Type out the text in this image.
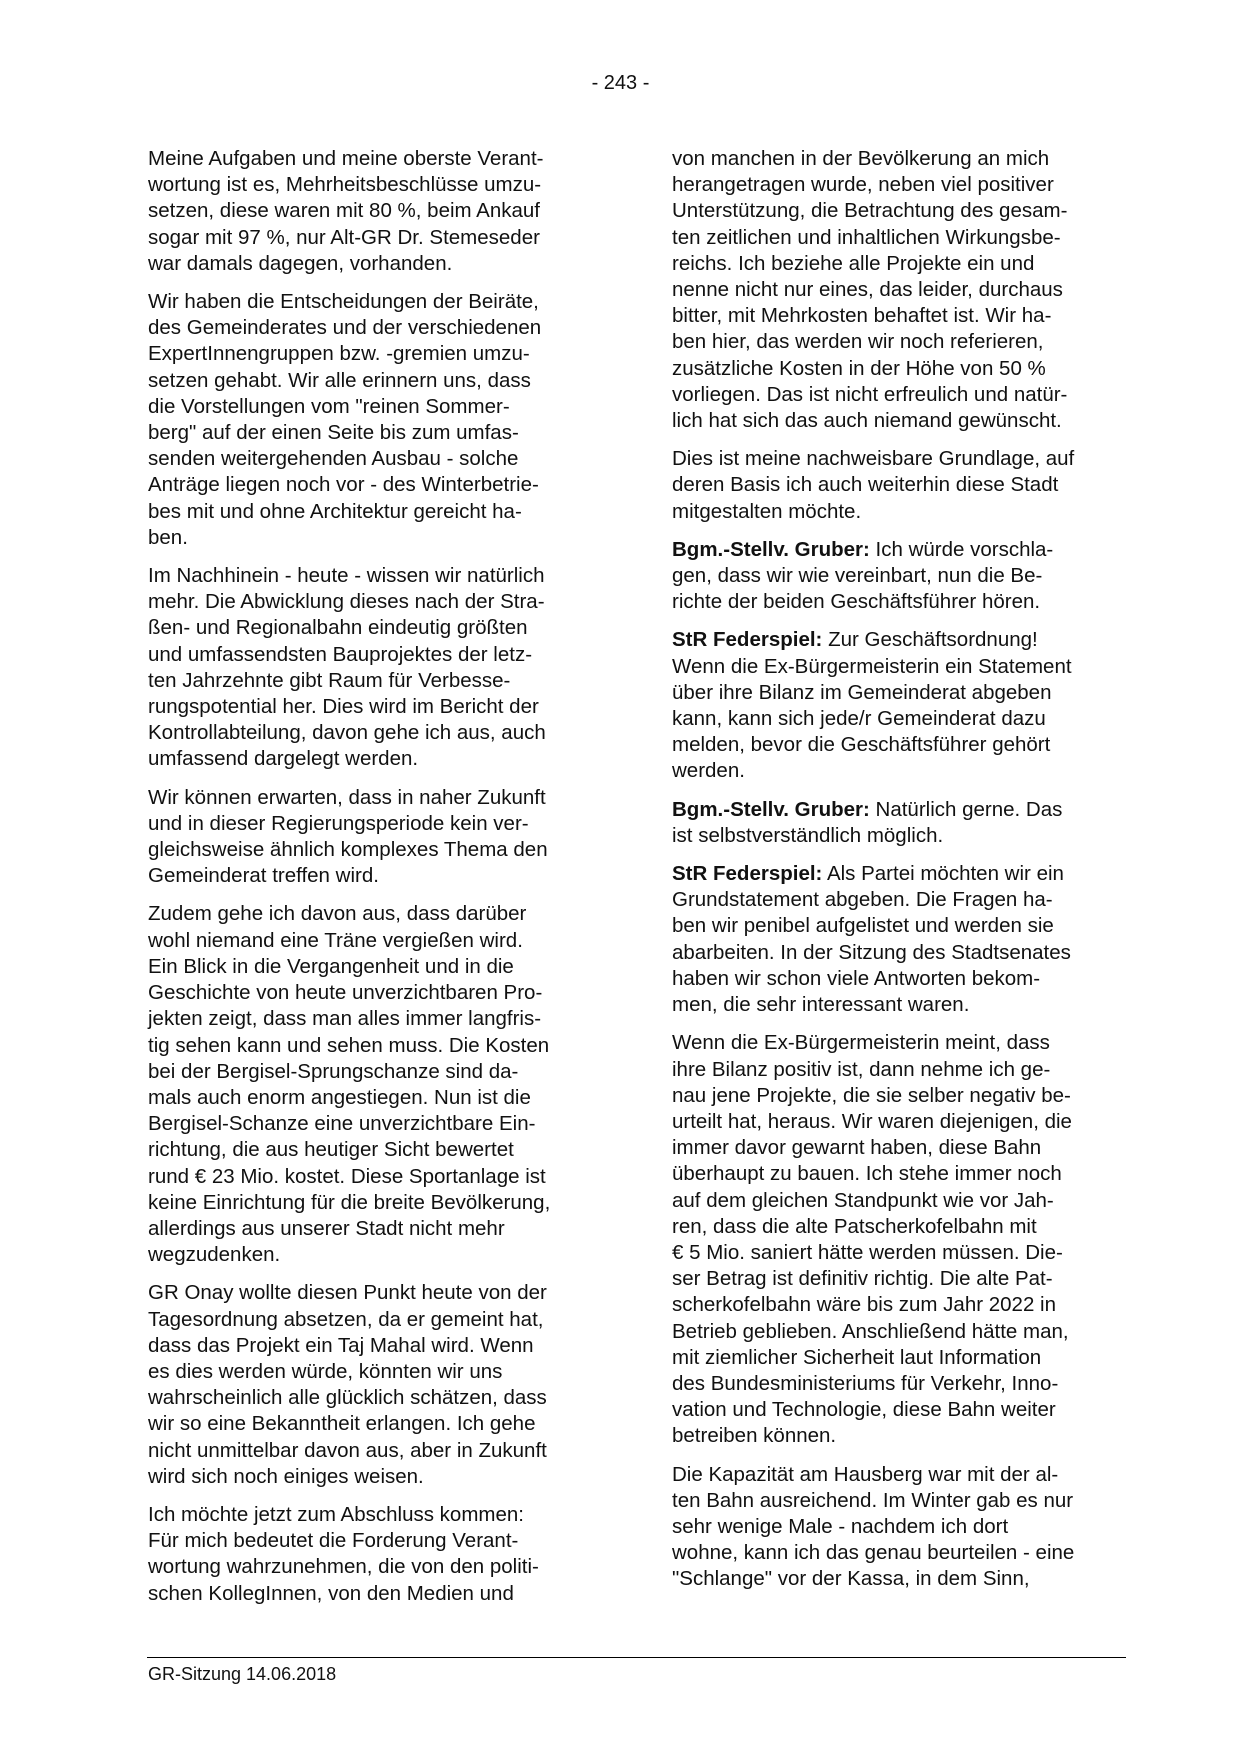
- 243 -
Meine Aufgaben und meine oberste Verant-
wortung ist es, Mehrheitsbeschlüsse umzu-
setzen, diese waren mit 80 %, beim Ankauf
sogar mit 97 %, nur Alt-GR Dr. Stemeseder
war damals dagegen, vorhanden.
Wir haben die Entscheidungen der Beiräte,
des Gemeinderates und der verschiedenen
ExpertInnengruppen bzw. -gremien umzu-
setzen gehabt. Wir alle erinnern uns, dass
die Vorstellungen vom "reinen Sommer-
berg" auf der einen Seite bis zum umfas-
senden weitergehenden Ausbau - solche
Anträge liegen noch vor - des Winterbetrie-
bes mit und ohne Architektur gereicht ha-
ben.
Im Nachhinein - heute - wissen wir natürlich
mehr. Die Abwicklung dieses nach der Stra-
ßen- und Regionalbahn eindeutig größten
und umfassendsten Bauprojektes der letz-
ten Jahrzehnte gibt Raum für Verbesse-
rungspotential her. Dies wird im Bericht der
Kontrollabteilung, davon gehe ich aus, auch
umfassend dargelegt werden.
Wir können erwarten, dass in naher Zukunft
und in dieser Regierungsperiode kein ver-
gleichsweise ähnlich komplexes Thema den
Gemeinderat treffen wird.
Zudem gehe ich davon aus, dass darüber
wohl niemand eine Träne vergießen wird.
Ein Blick in die Vergangenheit und in die
Geschichte von heute unverzichtbaren Pro-
jekten zeigt, dass man alles immer langfris-
tig sehen kann und sehen muss. Die Kosten
bei der Bergisel-Sprungschanze sind da-
mals auch enorm angestiegen. Nun ist die
Bergisel-Schanze eine unverzichtbare Ein-
richtung, die aus heutiger Sicht bewertet
rund € 23 Mio. kostet. Diese Sportanlage ist
keine Einrichtung für die breite Bevölkerung,
allerdings aus unserer Stadt nicht mehr
wegzudenken.
GR Onay wollte diesen Punkt heute von der
Tagesordnung absetzen, da er gemeint hat,
dass das Projekt ein Taj Mahal wird. Wenn
es dies werden würde, könnten wir uns
wahrscheinlich alle glücklich schätzen, dass
wir so eine Bekanntheit erlangen. Ich gehe
nicht unmittelbar davon aus, aber in Zukunft
wird sich noch einiges weisen.
Ich möchte jetzt zum Abschluss kommen:
Für mich bedeutet die Forderung Verant-
wortung wahrzunehmen, die von den politi-
schen KollegInnen, von den Medien und
von manchen in der Bevölkerung an mich
herangetragen wurde, neben viel positiver
Unterstützung, die Betrachtung des gesam-
ten zeitlichen und inhaltlichen Wirkungsbe-
reichs. Ich beziehe alle Projekte ein und
nenne nicht nur eines, das leider, durchaus
bitter, mit Mehrkosten behaftet ist. Wir ha-
ben hier, das werden wir noch referieren,
zusätzliche Kosten in der Höhe von 50 %
vorliegen. Das ist nicht erfreulich und natür-
lich hat sich das auch niemand gewünscht.
Dies ist meine nachweisbare Grundlage, auf
deren Basis ich auch weiterhin diese Stadt
mitgestalten möchte.
Bgm.-Stellv. Gruber: Ich würde vorschla-
gen, dass wir wie vereinbart, nun die Be-
richte der beiden Geschäftsführer hören.
StR Federspiel: Zur Geschäftsordnung!
Wenn die Ex-Bürgermeisterin ein Statement
über ihre Bilanz im Gemeinderat abgeben
kann, kann sich jede/r Gemeinderat dazu
melden, bevor die Geschäftsführer gehört
werden.
Bgm.-Stellv. Gruber: Natürlich gerne. Das
ist selbstverständlich möglich.
StR Federspiel: Als Partei möchten wir ein
Grundstatement abgeben. Die Fragen ha-
ben wir penibel aufgelistet und werden sie
abarbeiten. In der Sitzung des Stadtsenates
haben wir schon viele Antworten bekom-
men, die sehr interessant waren.
Wenn die Ex-Bürgermeisterin meint, dass
ihre Bilanz positiv ist, dann nehme ich ge-
nau jene Projekte, die sie selber negativ be-
urteilt hat, heraus. Wir waren diejenigen, die
immer davor gewarnt haben, diese Bahn
überhaupt zu bauen. Ich stehe immer noch
auf dem gleichen Standpunkt wie vor Jah-
ren, dass die alte Patscherkofelbahn mit
€ 5 Mio. saniert hätte werden müssen. Die-
ser Betrag ist definitiv richtig. Die alte Pat-
scherkofelbahn wäre bis zum Jahr 2022 in
Betrieb geblieben. Anschließend hätte man,
mit ziemlicher Sicherheit laut Information
des Bundesministeriums für Verkehr, Inno-
vation und Technologie, diese Bahn weiter
betreiben können.
Die Kapazität am Hausberg war mit der al-
ten Bahn ausreichend. Im Winter gab es nur
sehr wenige Male - nachdem ich dort
wohne, kann ich das genau beurteilen - eine
"Schlange" vor der Kassa, in dem Sinn,
GR-Sitzung 14.06.2018
